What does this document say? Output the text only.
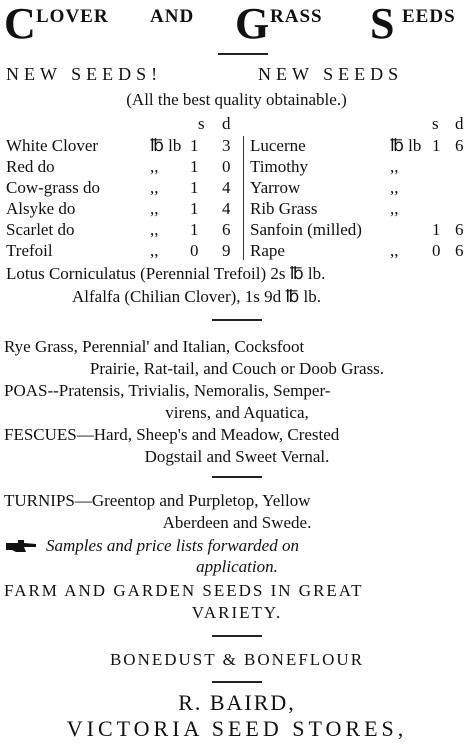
C LOVER AND G RASS S EEDS
NEW SEEDS!	NEW SEEDS
(All the best quality obtainable.)
s d	s d
White Clover	℔ lb 1 3
Red do	,, 1 0
Cow-grass do	,, 1 4
Alsyke do	,, 1 4
Scarlet do	,, 1 6
Trefoil	,, 0 9
Lucerne	℔ lb 1 6
Timothy	,,
Yarrow	,,
Rib Grass	,,
Sanfoin (milled)	1 6
Rape	,, 0 6
Lotus Corniculatus (Perennial Trefoil) 2s ℔ lb.
Alfalfa (Chilian Clover), 1s 9d ℔ lb.
Rye Grass, Perennial' and Italian, Cocksfoot
Prairie, Rat-tail, and Couch or Doob Grass.
POAS--Pratensis, Trivialis, Nemoralis, Semper-
virens, and Aquatica,
FESCUES—Hard, Sheep's and Meadow, Crested
Dogstail and Sweet Vernal.
TURNIPS—Greentop and Purpletop, Yellow
Aberdeen and Swede.
Samples and price lists forwarded on
application.
FARM AND GARDEN SEEDS IN GREAT
VARIETY.
BONEDUST & BONEFLOUR
R. BAIRD,
VICTORIA SEED STORES,
